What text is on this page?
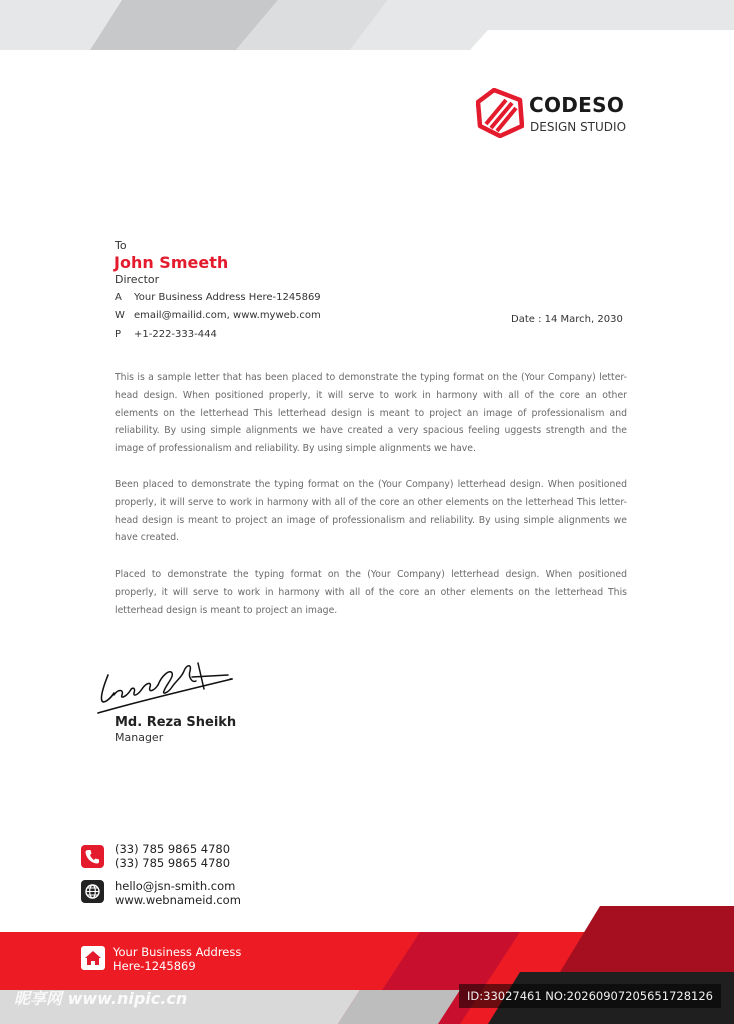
CODESO
DESIGN STUDIO
To
John Smeeth
Director
A Your Business Address Here-1245869
W email@mailid.com, www.myweb.com
P +1-222-333-444
Date : 14 March, 2030
This is a sample letter that has been placed to demonstrate the typing format on the (Your Company) letter-head design. When positioned properly, it will serve to work in harmony with all of the core an other elements on the letterhead This letterhead design is meant to project an image of professionalism and reliability. By using simple alignments we have created a very spacious feeling uggests strength and the image of professionalism and reliability. By using simple alignments we have.
Been placed to demonstrate the typing format on the (Your Company) letterhead design. When positioned properly, it will serve to work in harmony with all of the core an other elements on the letterhead This letter-head design is meant to project an image of professionalism and reliability. By using simple alignments we have created.
Placed to demonstrate the typing format on the (Your Company) letterhead design. When positioned properly, it will serve to work in harmony with all of the core an other elements on the letterhead This letterhead design is meant to project an image.
Md. Reza Sheikh
Manager
(33) 785 9865 4780
(33) 785 9865 4780
hello@jsn-smith.com
www.webnameid.com
Your Business Address
Here-1245869
昵享网 www.nipic.cn	ID:33027461 NO:20260907205651728126
